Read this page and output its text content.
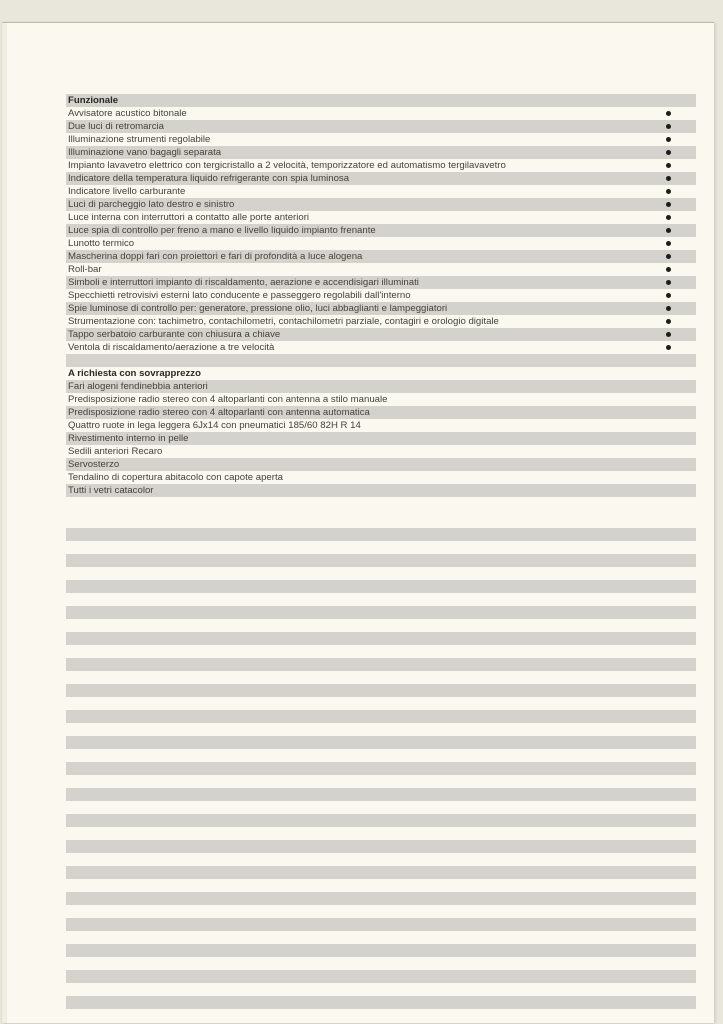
Funzionale
Avvisatore acustico bitonale
Due luci di retromarcia
Illuminazione strumenti regolabile
Illuminazione vano bagagli separata
Impianto lavavetro elettrico con tergicristallo a 2 velocità, temporizzatore ed automatismo tergilavavetro
Indicatore della temperatura liquido refrigerante con spia luminosa
Indicatore livello carburante
Luci di parcheggio lato destro e sinistro
Luce interna con interruttori a contatto alle porte anteriori
Luce spia di controllo per freno a mano e livello liquido impianto frenante
Lunotto termico
Mascherina doppi fari con proiettori e fari di profondità a luce alogena
Roll-bar
Simboli e interruttori impianto di riscaldamento, aerazione e accendisigari illuminati
Specchietti retrovisivi esterni lato conducente e passeggero regolabili dall'interno
Spie luminose di controllo per: generatore, pressione olio, luci abbaglianti e lampeggiatori
Strumentazione con: tachimetro, contachilometri, contachilometri parziale, contagiri e orologio digitale
Tappo serbatoio carburante con chiusura a chiave
Ventola di riscaldamento/aerazione a tre velocità
A richiesta con sovrapprezzo
Fari alogeni fendinebbia anteriori
Predisposizione radio stereo con 4 altoparlanti con antenna a stilo manuale
Predisposizione radio stereo con 4 altoparlanti con antenna automatica
Quattro ruote in lega leggera 6Jx14 con pneumatici 185/60 82H R 14
Rivestimento interno in pelle
Sedili anteriori Recaro
Servosterzo
Tendalino di copertura abitacolo con capote aperta
Tutti i vetri catacolor
